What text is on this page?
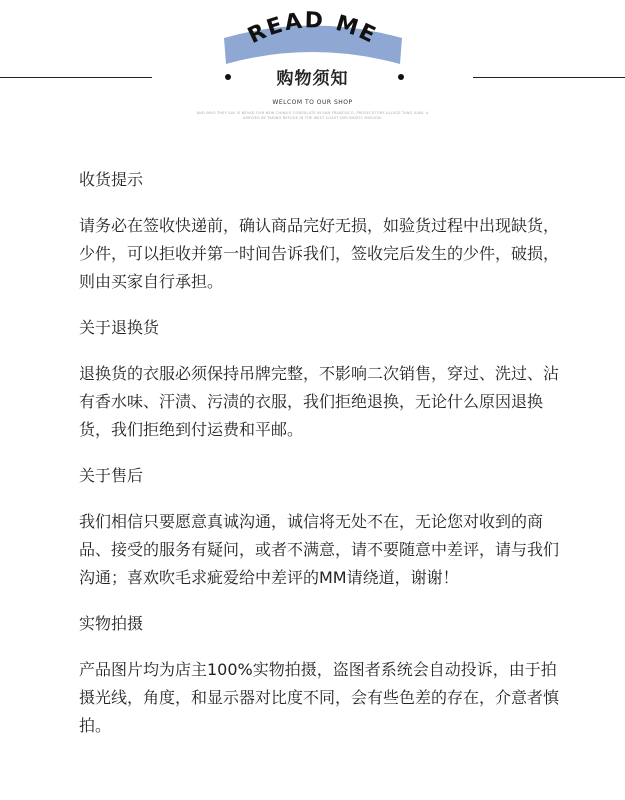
READ ME
购物须知
WELCOM TO OUR SHOP
AND WHO THEY SAY IS NEVAD OUR NEW CHINA'S CONSULATE IN SAN FRANCISCO, PROSECUTORS ALLEGE TANG JUAN, A ARRIVED BY TAKING REFUGE IN THE WEST COAST DIPLOMATIC MISSION.
收货提示

请务必在签收快递前，确认商品完好无损，如验货过程中出现缺货，少件，可以拒收并第一时间告诉我们，签收完后发生的少件，破损，则由买家自行承担。

关于退换货

退换货的衣服必须保持吊牌完整，不影响二次销售，穿过、洗过、沾有香水味、汗渍、污渍的衣服，我们拒绝退换，无论什么原因退换货，我们拒绝到付运费和平邮。

关于售后

我们相信只要愿意真诚沟通，诚信将无处不在，无论您对收到的商品、接受的服务有疑问，或者不满意，请不要随意中差评，请与我们沟通；喜欢吹毛求疵爱给中差评的MM请绕道，谢谢！

实物拍摄

产品图片均为店主100%实物拍摄，盗图者系统会自动投诉，由于拍摄光线，角度，和显示器对比度不同，会有些色差的存在，介意者慎拍。
